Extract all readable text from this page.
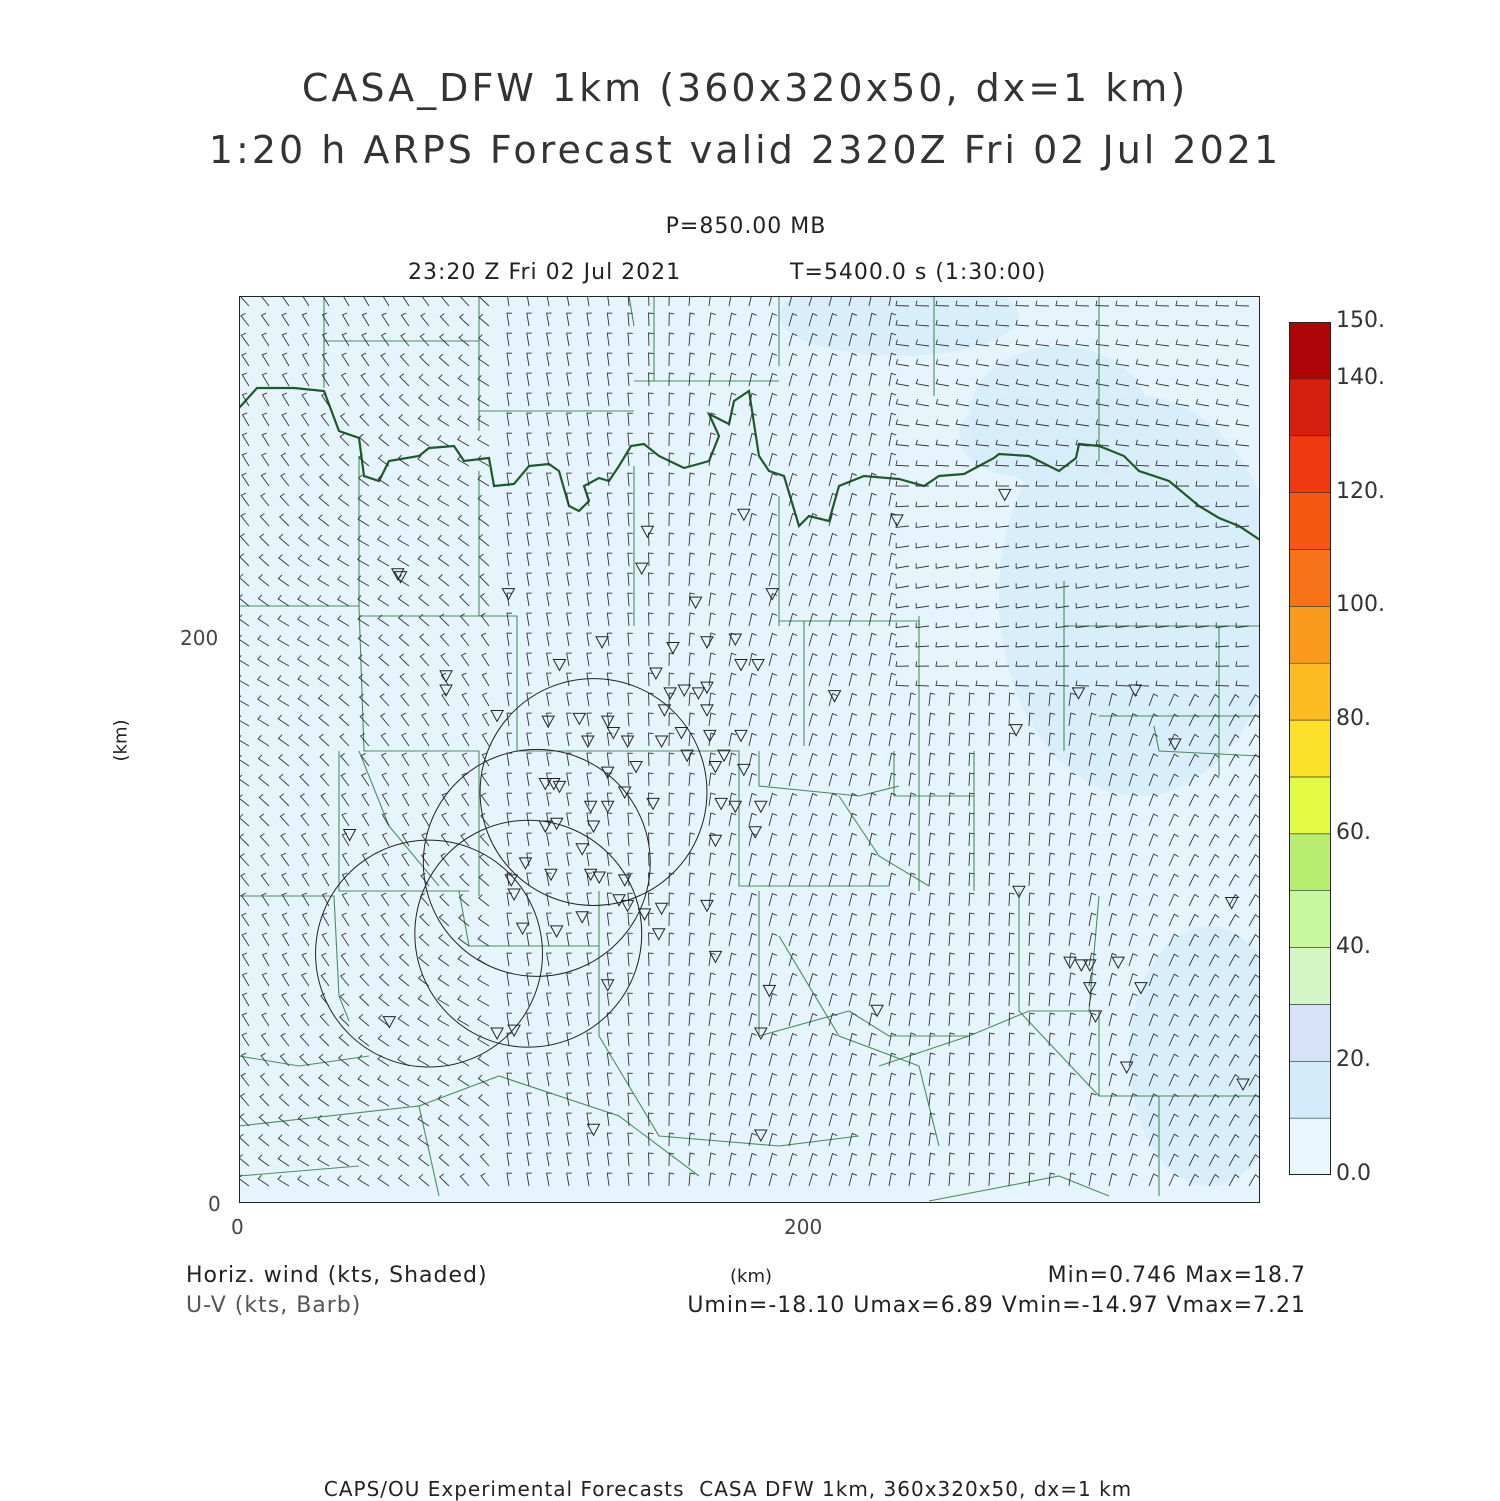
CASA_DFW 1km (360x320x50, dx=1 km)
1:20 h ARPS Forecast valid 2320Z Fri 02 Jul 2021
P=850.00 MB
23:20 Z Fri 02 Jul 2021	T=5400.0 s (1:30:00)
200
0
0	200
(km)
(km)
150.
140.
120.
100.
80.
60.
40.
20.
0.0
Horiz. wind (kts, Shaded)
U-V (kts, Barb)
Min=0.746 Max=18.7
Umin=-18.10 Umax=6.89 Vmin=-14.97 Vmax=7.21
CAPS/OU Experimental Forecasts  CASA DFW 1km, 360x320x50, dx=1 km
